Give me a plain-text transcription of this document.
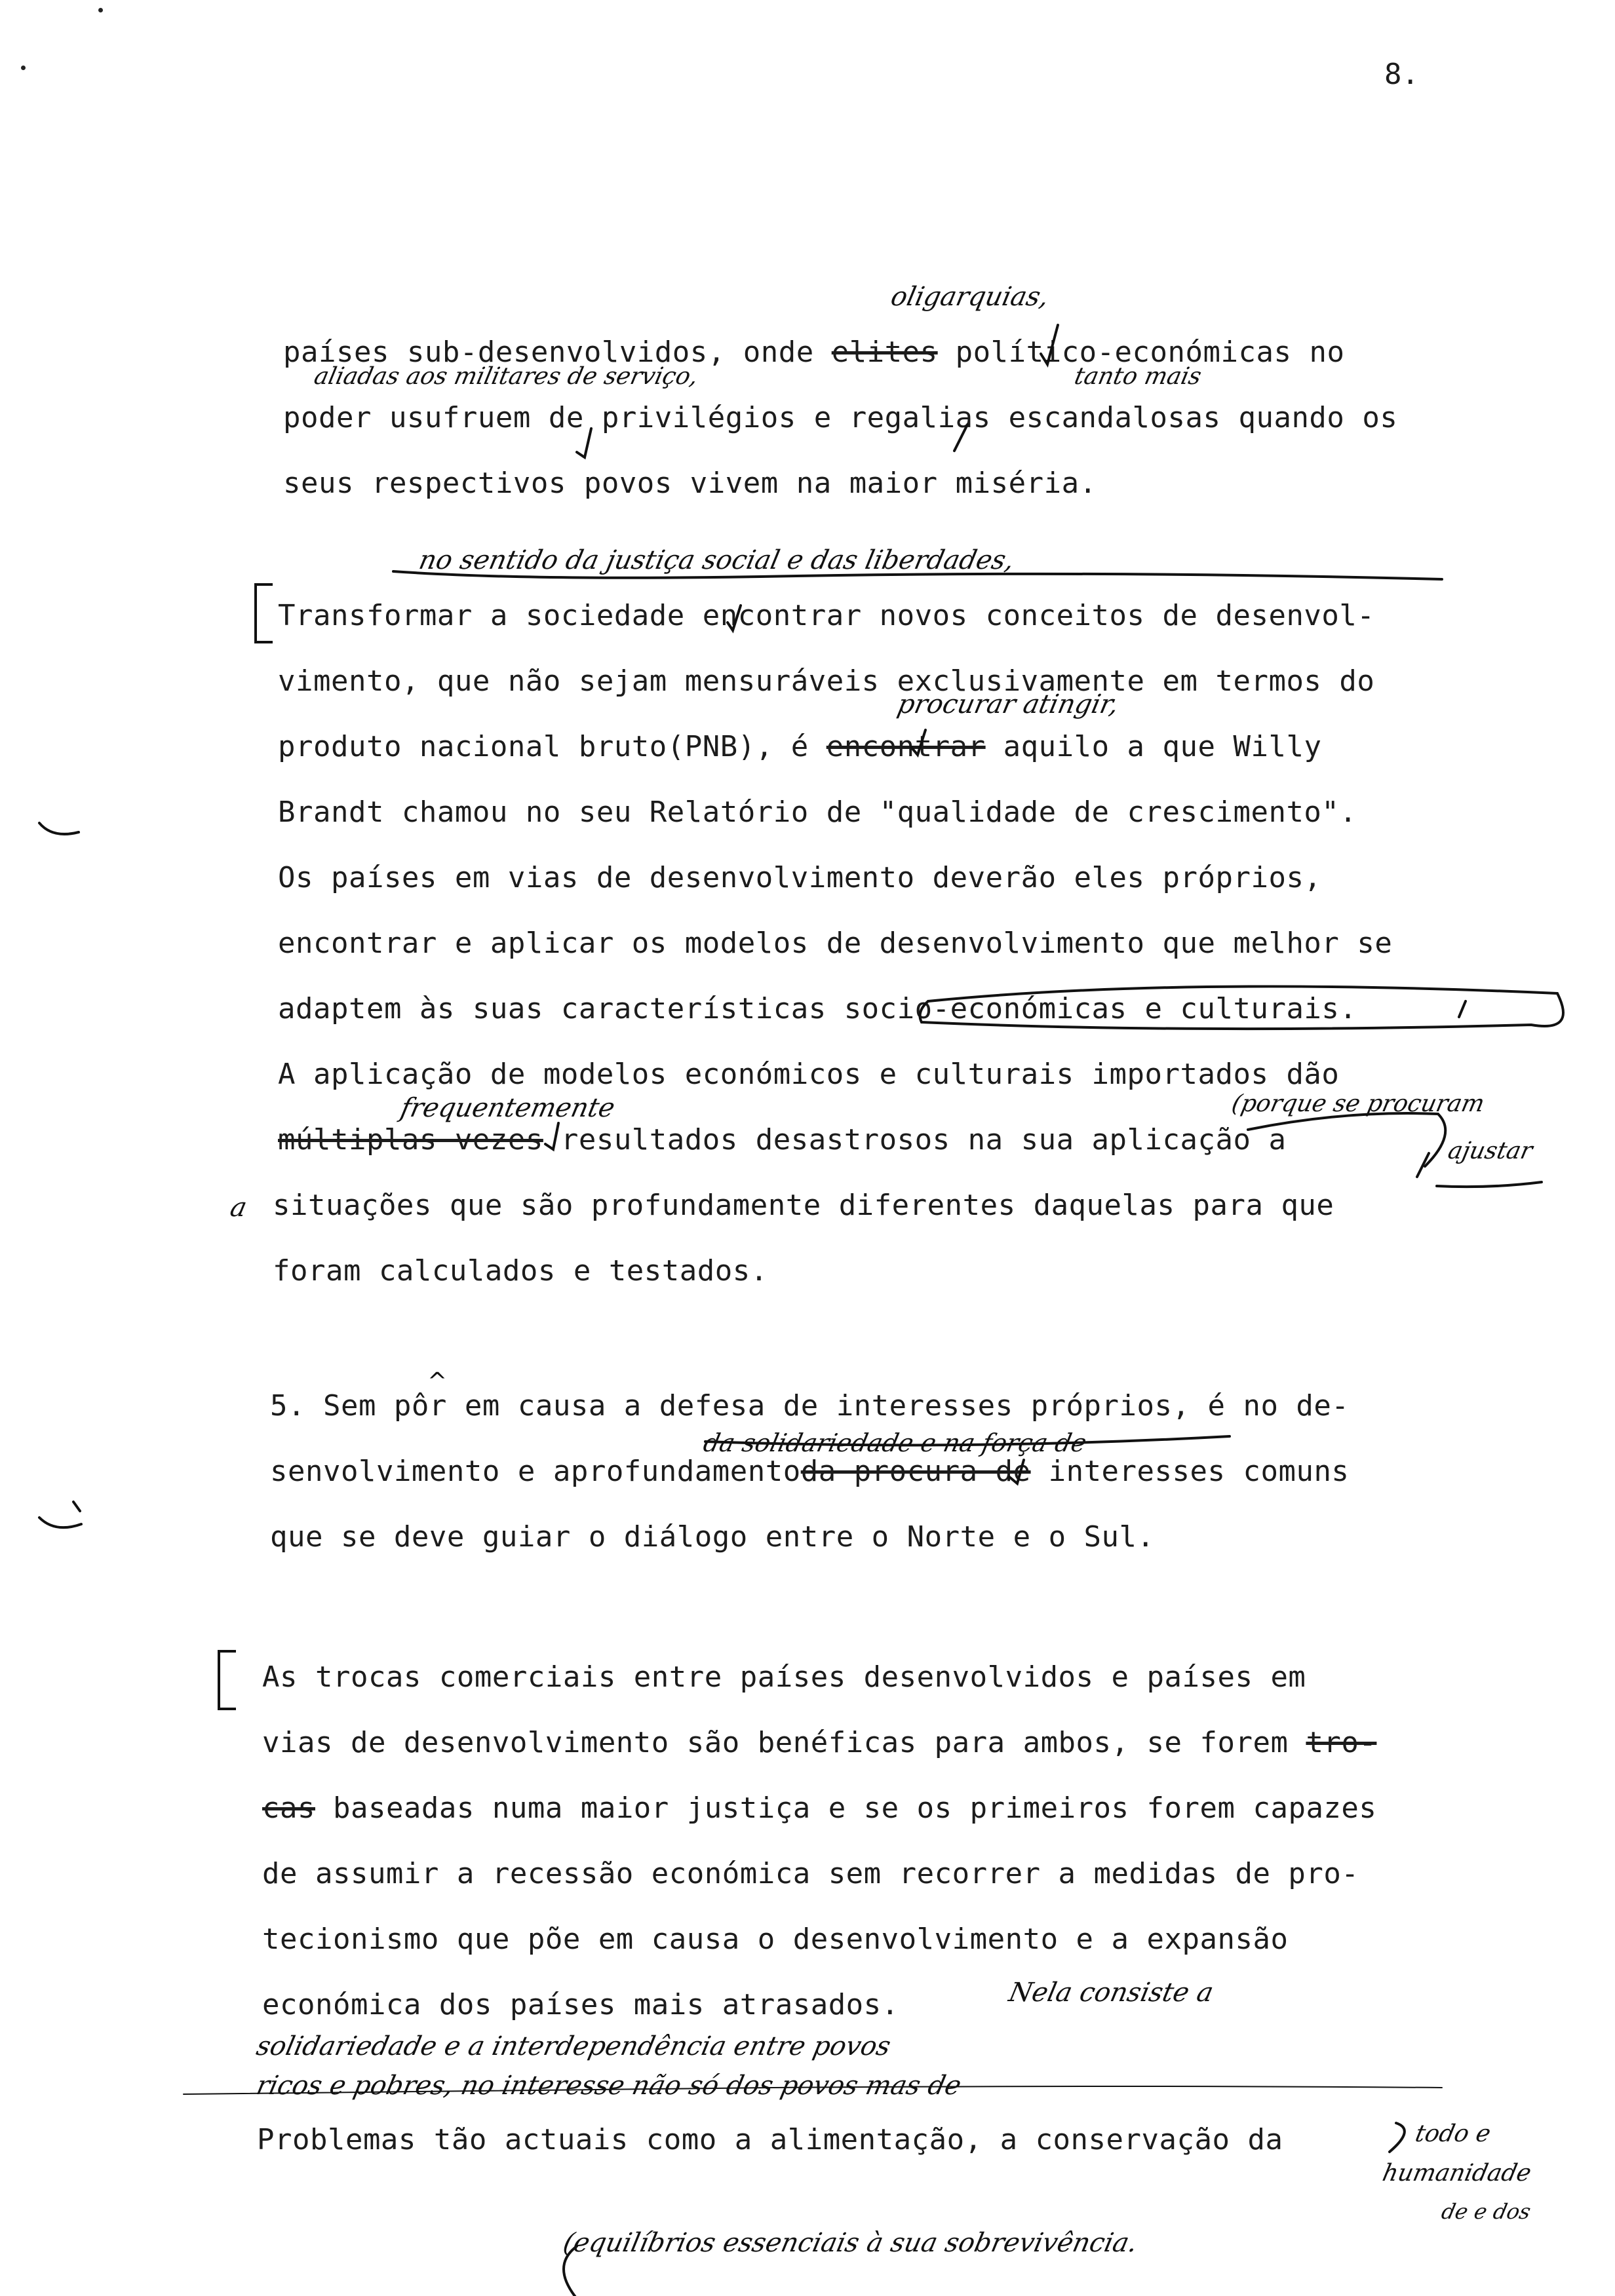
8.
países sub-desenvolvidos, onde elites político-económicas no
oligarquias,
aliadas aos militares de serviço,	tanto mais
poder usufruem de privilégios e regalias escandalosas quando os
seus respectivos povos vivem na maior miséria.
no sentido da justiça social e das liberdades,
Transformar a sociedade encontrar novos conceitos de desenvol-
vimento, que não sejam mensuráveis exclusivamente em termos do
procurar atingir,
produto nacional bruto(PNB), é encontrar aquilo a que Willy
Brandt chamou no seu Relatório de "qualidade de crescimento".
Os países em vias de desenvolvimento deverão eles próprios,
encontrar e aplicar os modelos de desenvolvimento que melhor se
adaptem às suas características socio-económicas e culturais.
A aplicação de modelos económicos e culturais importados dão
frequentemente	(porque se procuram
múltiplas vezes resultados desastrosos na sua aplicação a	ajustar
a situações que são profundamente diferentes daquelas para que
foram calculados e testados.
^
5. Sem pôr em causa a defesa de interesses próprios, é no de-
da solidariedade e na força de
senvolvimento e aprofundamentoda procura de interesses comuns
que se deve guiar o diálogo entre o Norte e o Sul.
As trocas comerciais entre países desenvolvidos e países em
vias de desenvolvimento são benéficas para ambos, se forem tro-
cas baseadas numa maior justiça e se os primeiros forem capazes
de assumir a recessão económica sem recorrer a medidas de pro-
tecionismo que põe em causa o desenvolvimento e a expansão
económica dos países mais atrasados.	Nela consiste a
solidariedade e a interdependência entre povos
ricos e pobres, no interesse não só dos povos mas de
Problemas tão actuais como a alimentação, a conservação da	todo e
humanidade
de e dos
(equilíbrios essenciais à sua sobrevivência.
